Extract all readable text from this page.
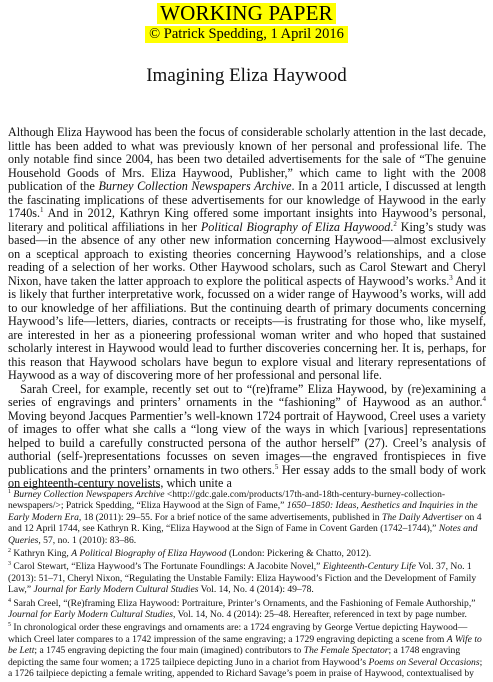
WORKING PAPER
© Patrick Spedding, 1 April 2016
Imagining Eliza Haywood

Although Eliza Haywood has been the focus of considerable scholarly attention in the last decade, little has been added to what was previously known of her personal and professional life. The only notable find since 2004, has been two detailed advertisements for the sale of “The genuine Household Goods of Mrs. Eliza Haywood, Publisher,” which came to light with the 2008 publication of the Burney Collection Newspapers Archive. In a 2011 article, I discussed at length the fascinating implications of these advertisements for our knowledge of Haywood in the early 1740s.$^1$ And in 2012, Kathryn King offered some important insights into Haywood’s personal, literary and political affiliations in her Political Biography of Eliza Haywood.$^2$ King’s study was based—in the absence of any other new information concerning Haywood—almost exclusively on a sceptical approach to existing theories concerning Haywood’s relationships, and a close reading of a selection of her works. Other Haywood scholars, such as Carol Stewart and Cheryl Nixon, have taken the latter approach to explore the political aspects of Haywood’s works.$^3$ And it is likely that further interpretative work, focussed on a wider range of Haywood’s works, will add to our knowledge of her affiliations. But the continuing dearth of primary documents concerning Haywood’s life—letters, diaries, contracts or receipts—is frustrating for those who, like myself, are interested in her as a pioneering professional woman writer and who hoped that sustained scholarly interest in Haywood would lead to further discoveries concerning her. It is, perhaps, for this reason that Haywood scholars have begun to explore visual and literary representations of Haywood as a way of discovering more of her professional and personal life.

Sarah Creel, for example, recently set out to “(re)frame” Eliza Haywood, by (re)examining a series of engravings and printers’ ornaments in the “fashioning” of Haywood as an author.$^4$ Moving beyond Jacques Parmentier’s well-known 1724 portrait of Haywood, Creel uses a variety of images to offer what she calls a “long view of the ways in which [various] representations helped to build a carefully constructed persona of the author herself” (27). Creel’s analysis of authorial (self-)representations focusses on seven images—the engraved frontispieces in five publications and the printers’ ornaments in two others.$^5$ Her essay adds to the small body of work on eighteenth-century novelists, which unite a

$^1$ Burney Collection Newspapers Archive <http://gdc.gale.com/products/17th-and-18th-century-burney-collection-newspapers/>; Patrick Spedding, “Eliza Haywood at the Sign of Fame,” 1650–1850: Ideas, Aesthetics and Inquiries in the Early Modern Era, 18 (2011): 29–55. For a brief notice of the same advertisements, published in The Daily Advertiser on 4 and 12 April 1744, see Kathryn R. King, “Eliza Haywood at the Sign of Fame in Covent Garden (1742–1744),” Notes and Queries, 57, no. 1 (2010): 83–86.

$^2$ Kathryn King, A Political Biography of Eliza Haywood (London: Pickering & Chatto, 2012).

$^3$ Carol Stewart, “Eliza Haywood’s The Fortunate Foundlings: A Jacobite Novel,” Eighteenth-Century Life Vol. 37, No. 1 (2013): 51–71, Cheryl Nixon, “Regulating the Unstable Family: Eliza Haywood’s Fiction and the Development of Family Law,” Journal for Early Modern Cultural Studies Vol. 14, No. 4 (2014): 49–78.

$^4$ Sarah Creel, “(Re)framing Eliza Haywood: Portraiture, Printer’s Ornaments, and the Fashioning of Female Authorship,” Journal for Early Modern Cultural Studies, Vol. 14, No. 4 (2014): 25–48. Hereafter, referenced in text by page number.

$^5$ In chronological order these engravings and ornaments are: a 1724 engraving by George Vertue depicting Haywood—which Creel later compares to a 1742 impression of the same engraving; a 1729 engraving depicting a scene from A Wife to be Lett; a 1745 engraving depicting the four main (imagined) contributors to The Female Spectator; a 1748 engraving depicting the same four women; a 1725 tailpiece depicting Juno in a chariot from Haywood’s Poems on Several Occasions; a 1726 tailpiece depicting a female writing, appended to Richard Savage’s poem in praise of Haywood, contextualised by
